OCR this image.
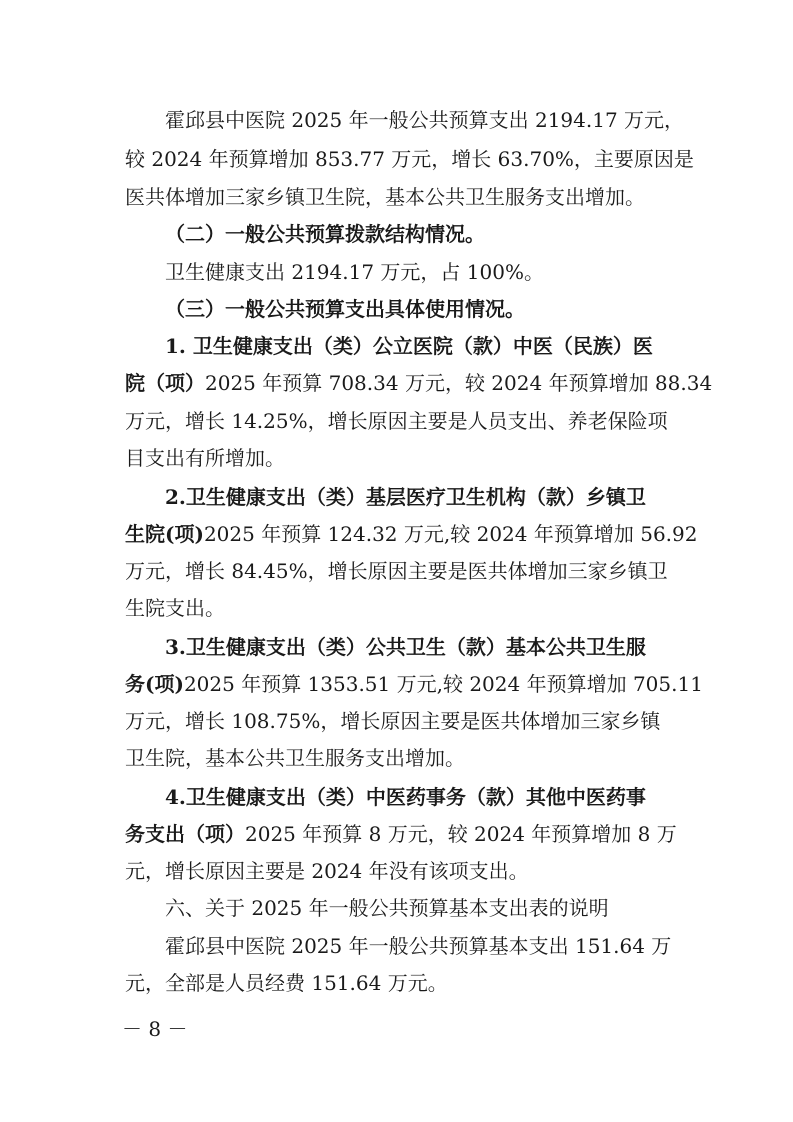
霍邱县中医院 2025 年一般公共预算支出 2194.17 万元，
较 2024 年预算增加 853.77 万元，增长 63.70%，主要原因是
医共体增加三家乡镇卫生院，基本公共卫生服务支出增加。
（二）一般公共预算拨款结构情况。
卫生健康支出 2194.17 万元，占 100%。
（三）一般公共预算支出具体使用情况。
1. 卫生健康支出（类）公立医院（款）中医（民族）医
院（项）2025 年预算 708.34 万元，较 2024 年预算增加 88.34
万元，增长 14.25%，增长原因主要是人员支出、养老保险项
目支出有所增加。
2.卫生健康支出（类）基层医疗卫生机构（款）乡镇卫
生院(项)2025 年预算 124.32 万元,较 2024 年预算增加 56.92
万元，增长 84.45%，增长原因主要是医共体增加三家乡镇卫
生院支出。
3.卫生健康支出（类）公共卫生（款）基本公共卫生服
务(项)2025 年预算 1353.51 万元,较 2024 年预算增加 705.11
万元，增长 108.75%，增长原因主要是医共体增加三家乡镇
卫生院，基本公共卫生服务支出增加。
4.卫生健康支出（类）中医药事务（款）其他中医药事
务支出（项）2025 年预算 8 万元，较 2024 年预算增加 8 万
元，增长原因主要是 2024 年没有该项支出。
六、关于 2025 年一般公共预算基本支出表的说明
霍邱县中医院 2025 年一般公共预算基本支出 151.64 万
元，全部是人员经费 151.64 万元。
－ 8 －
